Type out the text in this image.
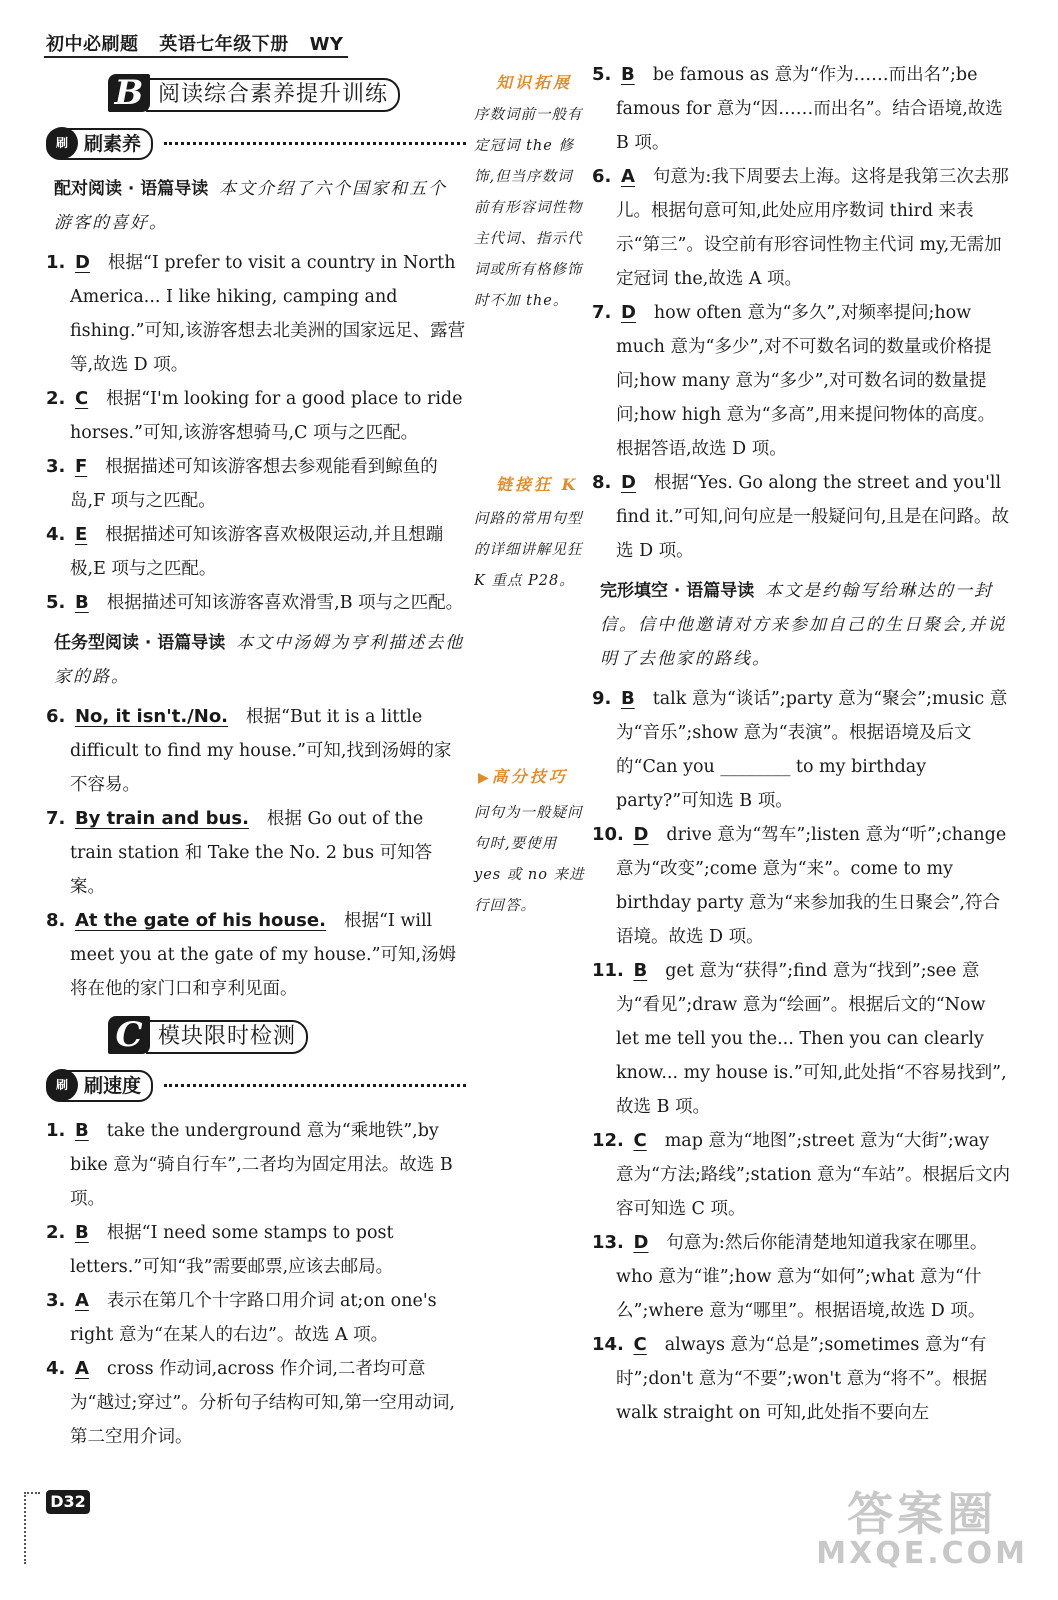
初中必刷题 英语七年级下册 WY
B 阅读综合素养提升训练
刷 刷素养

配对阅读 · 语篇导读 本文介绍了六个国家和五个游客的喜好。

1. D 根据“I prefer to visit a country in North America... I like hiking, camping and fishing.”可知,该游客想去北美洲的国家远足、露营等,故选 D 项。

2. C 根据“I'm looking for a good place to ride horses.”可知,该游客想骑马,C 项与之匹配。

3. F 根据描述可知该游客想去参观能看到鲸鱼的岛,F 项与之匹配。

4. E 根据描述可知该游客喜欢极限运动,并且想蹦极,E 项与之匹配。

5. B 根据描述可知该游客喜欢滑雪,B 项与之匹配。

任务型阅读 · 语篇导读 本文中汤姆为亨利描述去他家的路。

6. No, it isn't./No. 根据“But it is a little difficult to find my house.”可知,找到汤姆的家不容易。

7. By train and bus. 根据 Go out of the train station 和 Take the No. 2 bus 可知答案。

8. At the gate of his house. 根据“I will meet you at the gate of my house.”可知,汤姆将在他的家门口和亨利见面。

C 模块限时检测
刷 刷速度

1. B take the underground 意为“乘地铁”,by bike 意为“骑自行车”,二者均为固定用法。故选 B 项。

2. B 根据“I need some stamps to post letters.”可知“我”需要邮票,应该去邮局。

3. A 表示在第几个十字路口用介词 at;on one's right 意为“在某人的右边”。故选 A 项。

4. A cross 作动词,across 作介词,二者均可意为“越过;穿过”。分析句子结构可知,第一空用动词,第二空用介词。

知识拓展

序数词前一般有定冠词 the 修饰,但当序数词前有形容词性物主代词、指示代词或所有格修饰时不加 the。

链接狂 K

问路的常用句型的详细讲解见狂 K 重点 P28。

▶高分技巧

问句为一般疑问句时,要使用 yes 或 no 来进行回答。

5. B be famous as 意为“作为……而出名”;be famous for 意为“因……而出名”。结合语境,故选 B 项。

6. A 句意为:我下周要去上海。这将是我第三次去那儿。根据句意可知,此处应用序数词 third 来表示“第三”。设空前有形容词性物主代词 my,无需加定冠词 the,故选 A 项。

7. D how often 意为“多久”,对频率提问;how much 意为“多少”,对不可数名词的数量或价格提问;how many 意为“多少”,对可数名词的数量提问;how high 意为“多高”,用来提问物体的高度。根据答语,故选 D 项。

8. D 根据“Yes. Go along the street and you'll find it.”可知,问句应是一般疑问句,且是在问路。故选 D 项。

完形填空 · 语篇导读 本文是约翰写给琳达的一封信。信中他邀请对方来参加自己的生日聚会,并说明了去他家的路线。

9. B talk 意为“谈话”;party 意为“聚会”;music 意为“音乐”;show 意为“表演”。根据语境及后文的“Can you ________ to my birthday party?”可知选 B 项。

10. D drive 意为“驾车”;listen 意为“听”;change 意为“改变”;come 意为“来”。come to my birthday party 意为“来参加我的生日聚会”,符合语境。故选 D 项。

11. B get 意为“获得”;find 意为“找到”;see 意为“看见”;draw 意为“绘画”。根据后文的“Now let me tell you the... Then you can clearly know... my house is.”可知,此处指“不容易找到”,故选 B 项。

12. C map 意为“地图”;street 意为“大街”;way 意为“方法;路线”;station 意为“车站”。根据后文内容可知选 C 项。

13. D 句意为:然后你能清楚地知道我家在哪里。who 意为“谁”;how 意为“如何”;what 意为“什么”;where 意为“哪里”。根据语境,故选 D 项。

14. C always 意为“总是”;sometimes 意为“有时”;don't 意为“不要”;won't 意为“将不”。根据 walk straight on 可知,此处指不要向左

D32	答案圈
MXQE.COM
